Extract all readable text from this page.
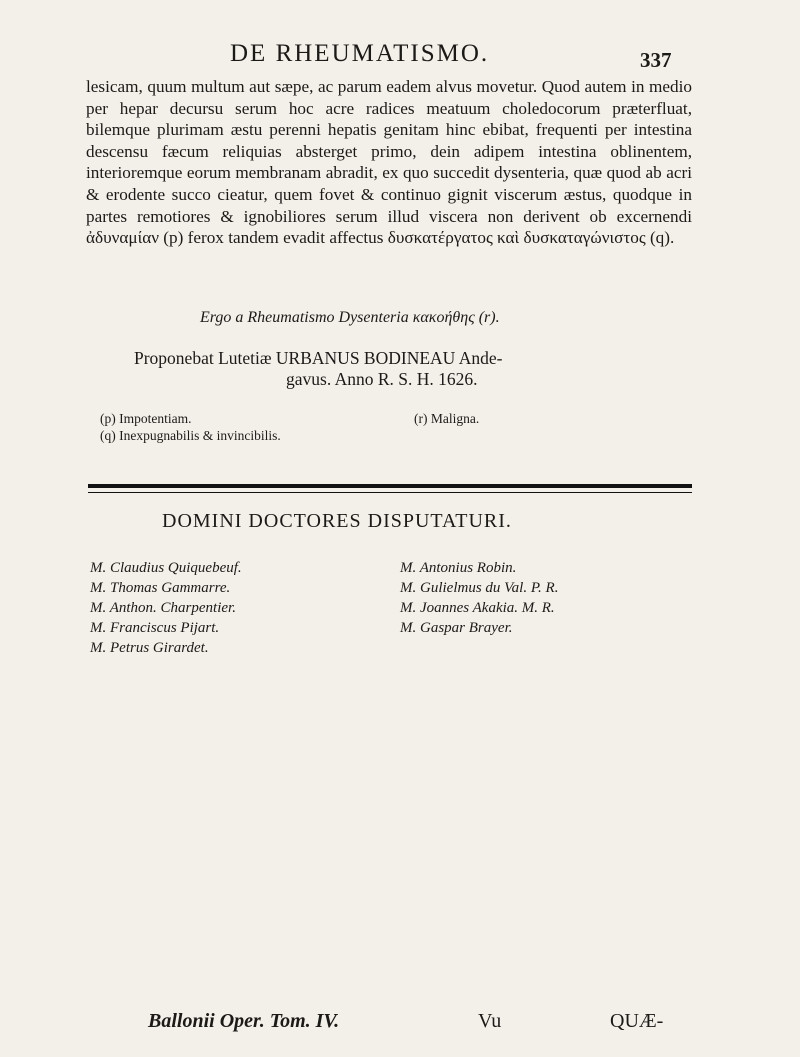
DE RHEUMATISMO.	337

lesicam, quum multum aut sæpe, ac parum eadem alvus movetur. Quod autem in medio per hepar decursu serum hoc acre radices meatuum choledocorum præterfluat, bilemque plurimam æstu perenni hepatis genitam hinc ebibat, frequenti per intestina descensu fæcum reliquias absterget primo, dein adipem intestina oblinentem, interioremque eorum membranam abradit, ex quo succedit dysenteria, quæ quod ab acri & erodente succo cieatur, quem fovet & continuo gignit viscerum æstus, quodque in partes remotiores & ignobiliores serum illud viscera non derivent ob excernendi ἀδυναμίαν (p) ferox tandem evadit affectus δυσκατέργατος καὶ δυσκαταγώνιστος (q).

Ergo a Rheumatismo Dysenteria κακοήθης (r).
Proponebat Lutetiæ URBANUS BODINEAU Ande-
gavus. Anno R. S. H. 1626.
(p) Impotentiam.
(q) Inexpugnabilis & invincibilis.
(r) Maligna.
DOMINI DOCTORES DISPUTATURI.
M. Claudius Quiquebeuf.
M. Thomas Gammarre.
M. Anthon. Charpentier.
M. Franciscus Pijart.
M. Petrus Girardet.
M. Antonius Robin.
M. Gulielmus du Val. P. R.
M. Joannes Akakia. M. R.
M. Gaspar Brayer.
Ballonii Oper. Tom. IV.	Vu	QUÆ-
